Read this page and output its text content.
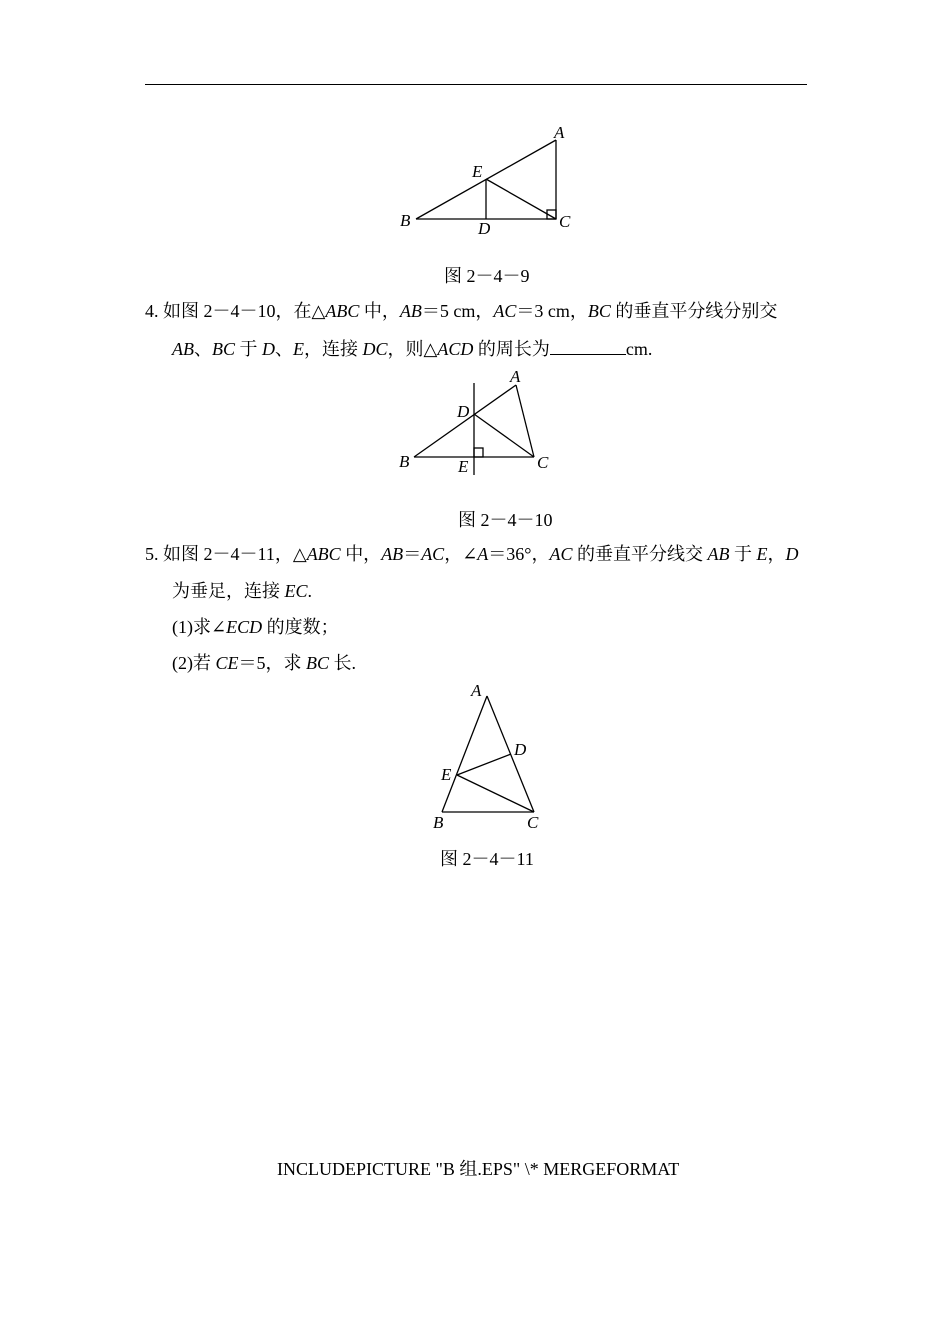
A
E
B	D	C
图 2－4－9
4. 如图 2－4－10，在△ABC 中，AB＝5 cm，AC＝3 cm，BC 的垂直平分线分别交
AB、BC 于 D、E，连接 DC，则△ACD 的周长为	cm.
A
D
B	E	C
图 2－4－10
5. 如图 2－4－11，△ABC 中，AB＝AC，∠A＝36°，AC 的垂直平分线交 AB 于 E，D
为垂足，连接 EC.
(1)求∠ECD 的度数；
(2)若 CE＝5，求 BC 长.
A
D
E
B	C
图 2－4－11
INCLUDEPICTURE "B 组.EPS" \* MERGEFORMAT
